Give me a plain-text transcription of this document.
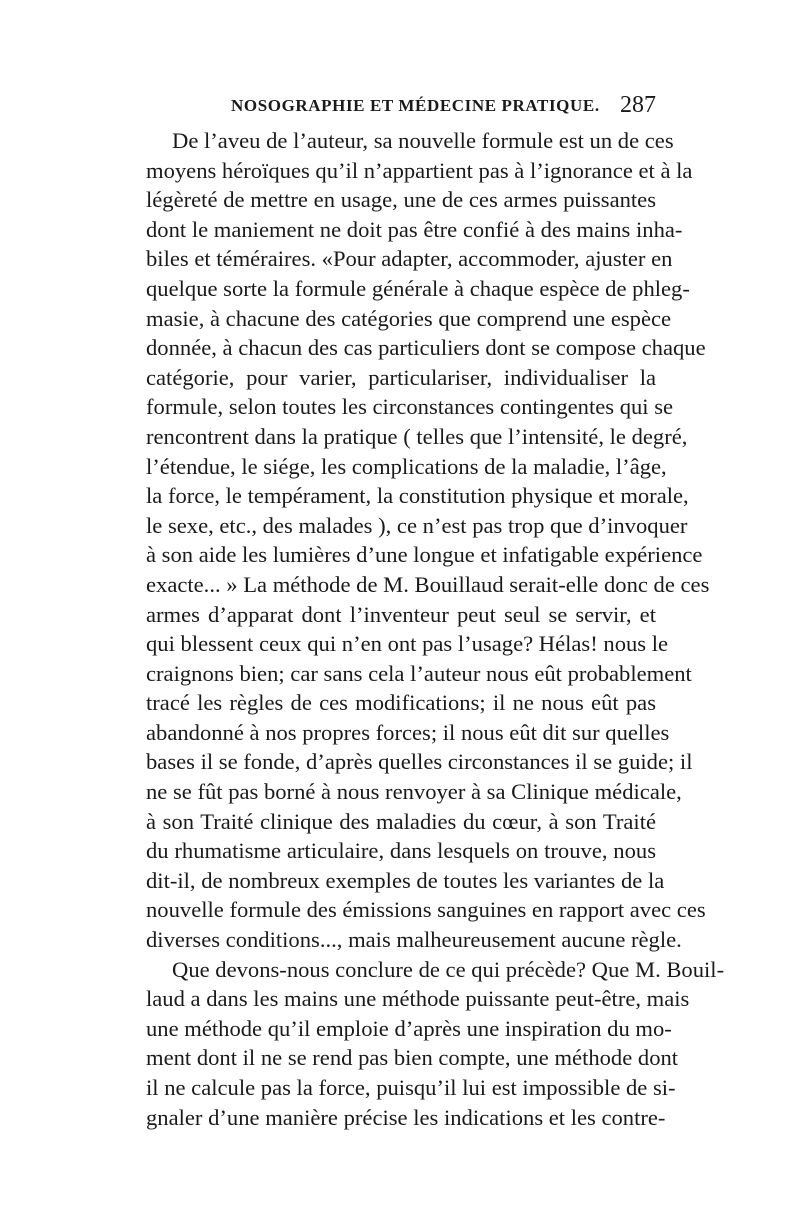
NOSOGRAPHIE ET MÉDECINE PRATIQUE. 287
De l’aveu de l’auteur, sa nouvelle formule est un de ces
moyens héroïques qu’il n’appartient pas à l’ignorance et à la
légèreté de mettre en usage, une de ces armes puissantes
dont le maniement ne doit pas être confié à des mains inha-
biles et téméraires. «Pour adapter, accommoder, ajuster en
quelque sorte la formule générale à chaque espèce de phleg-
masie, à chacune des catégories que comprend une espèce
donnée, à chacun des cas particuliers dont se compose chaque
catégorie, pour varier, particulariser, individualiser la
formule, selon toutes les circonstances contingentes qui se
rencontrent dans la pratique ( telles que l’intensité, le degré,
l’étendue, le siége, les complications de la maladie, l’âge,
la force, le tempérament, la constitution physique et morale,
le sexe, etc., des malades ), ce n’est pas trop que d’invoquer
à son aide les lumières d’une longue et infatigable expérience
exacte... » La méthode de M. Bouillaud serait-elle donc de ces
armes d’apparat dont l’inventeur peut seul se servir, et
qui blessent ceux qui n’en ont pas l’usage? Hélas! nous le
craignons bien; car sans cela l’auteur nous eût probablement
tracé les règles de ces modifications; il ne nous eût pas
abandonné à nos propres forces; il nous eût dit sur quelles
bases il se fonde, d’après quelles circonstances il se guide; il
ne se fût pas borné à nous renvoyer à sa Clinique médicale,
à son Traité clinique des maladies du cœur, à son Traité
du rhumatisme articulaire, dans lesquels on trouve, nous
dit-il, de nombreux exemples de toutes les variantes de la
nouvelle formule des émissions sanguines en rapport avec ces
diverses conditions..., mais malheureusement aucune règle.
Que devons-nous conclure de ce qui précède? Que M. Bouil-
laud a dans les mains une méthode puissante peut-être, mais
une méthode qu’il emploie d’après une inspiration du mo-
ment dont il ne se rend pas bien compte, une méthode dont
il ne calcule pas la force, puisqu’il lui est impossible de si-
gnaler d’une manière précise les indications et les contre-
